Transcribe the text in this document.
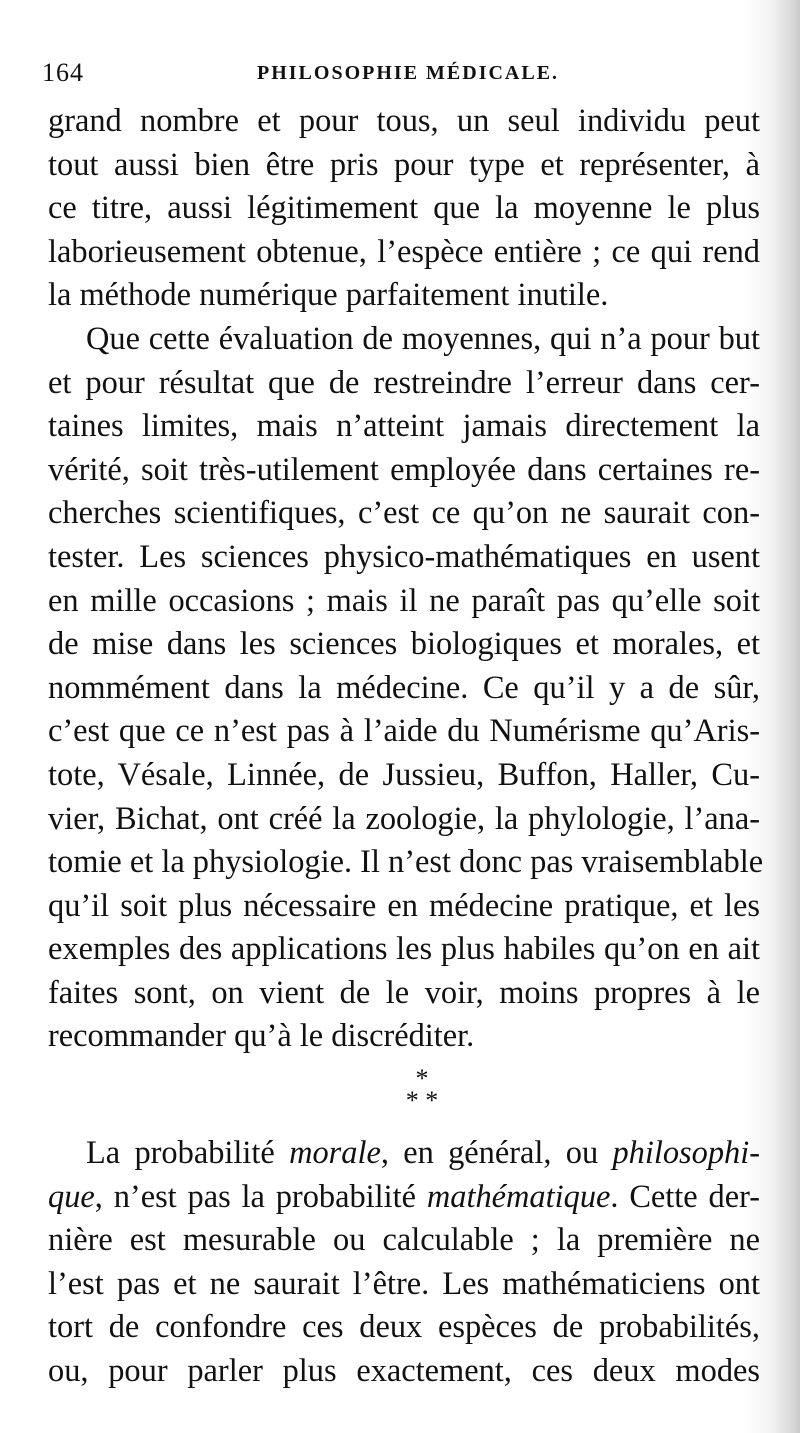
164	PHILOSOPHIE MÉDICALE.
grand nombre et pour tous, un seul individu peut
tout aussi bien être pris pour type et représenter, à
ce titre, aussi légitimement que la moyenne le plus
laborieusement obtenue, l’espèce entière ; ce qui rend
la méthode numérique parfaitement inutile.
Que cette évaluation de moyennes, qui n’a pour but
et pour résultat que de restreindre l’erreur dans cer-
taines limites, mais n’atteint jamais directement la
vérité, soit très-utilement employée dans certaines re-
cherches scientifiques, c’est ce qu’on ne saurait con-
tester. Les sciences physico-mathématiques en usent
en mille occasions ; mais il ne paraît pas qu’elle soit
de mise dans les sciences biologiques et morales, et
nommément dans la médecine. Ce qu’il y a de sûr,
c’est que ce n’est pas à l’aide du Numérisme qu’Aris-
tote, Vésale, Linnée, de Jussieu, Buffon, Haller, Cu-
vier, Bichat, ont créé la zoologie, la phylologie, l’ana-
tomie et la physiologie. Il n’est donc pas vraisemblable
qu’il soit plus nécessaire en médecine pratique, et les
exemples des applications les plus habiles qu’on en ait
faites sont, on vient de le voir, moins propres à le
recommander qu’à le discréditer.
*
* *
La probabilité morale, en général, ou philosophi-
que, n’est pas la probabilité mathématique. Cette der-
nière est mesurable ou calculable ; la première ne
l’est pas et ne saurait l’être. Les mathématiciens ont
tort de confondre ces deux espèces de probabilités,
ou, pour parler plus exactement, ces deux modes
